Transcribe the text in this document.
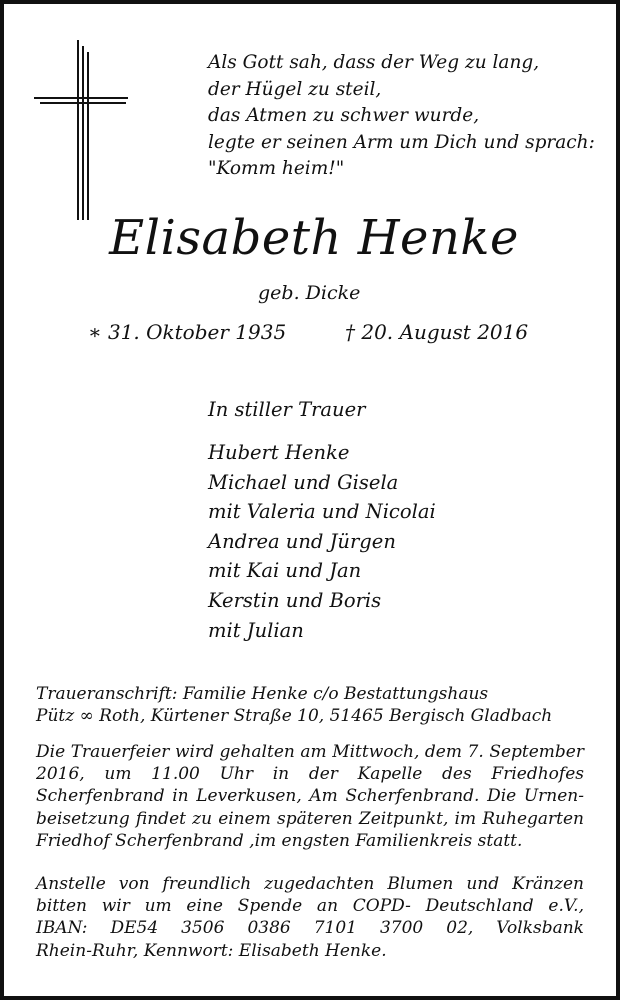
Als Gott sah, dass der Weg zu lang,
der Hügel zu steil,
das Atmen zu schwer wurde,
legte er seinen Arm um Dich und sprach:
"Komm heim!"
Elisabeth Henke
geb. Dicke
∗ 31. Oktober 1935	† 20. August 2016
In stiller Trauer
Hubert Henke
Michael und Gisela
mit Valeria und Nicolai
Andrea und Jürgen
mit Kai und Jan
Kerstin und Boris
mit Julian
Traueranschrift: Familie Henke c/o Bestattungshaus
Pütz ∞ Roth, Kürtener Straße 10, 51465 Bergisch Gladbach
Die Trauerfeier wird gehalten am Mittwoch, dem 7. September
2016, um 11.00 Uhr in der Kapelle des Friedhofes
Scherfenbrand in Leverkusen, Am Scherfenbrand. Die Urnen-
beisetzung findet zu einem späteren Zeitpunkt, im Ruhegarten
Friedhof Scherfenbrand ,im engsten Familienkreis statt.
Anstelle von freundlich zugedachten Blumen und Kränzen
bitten wir um eine Spende an COPD- Deutschland e.V.,
IBAN: DE54 3506 0386 7101 3700 02, Volksbank
Rhein-Ruhr, Kennwort: Elisabeth Henke.
